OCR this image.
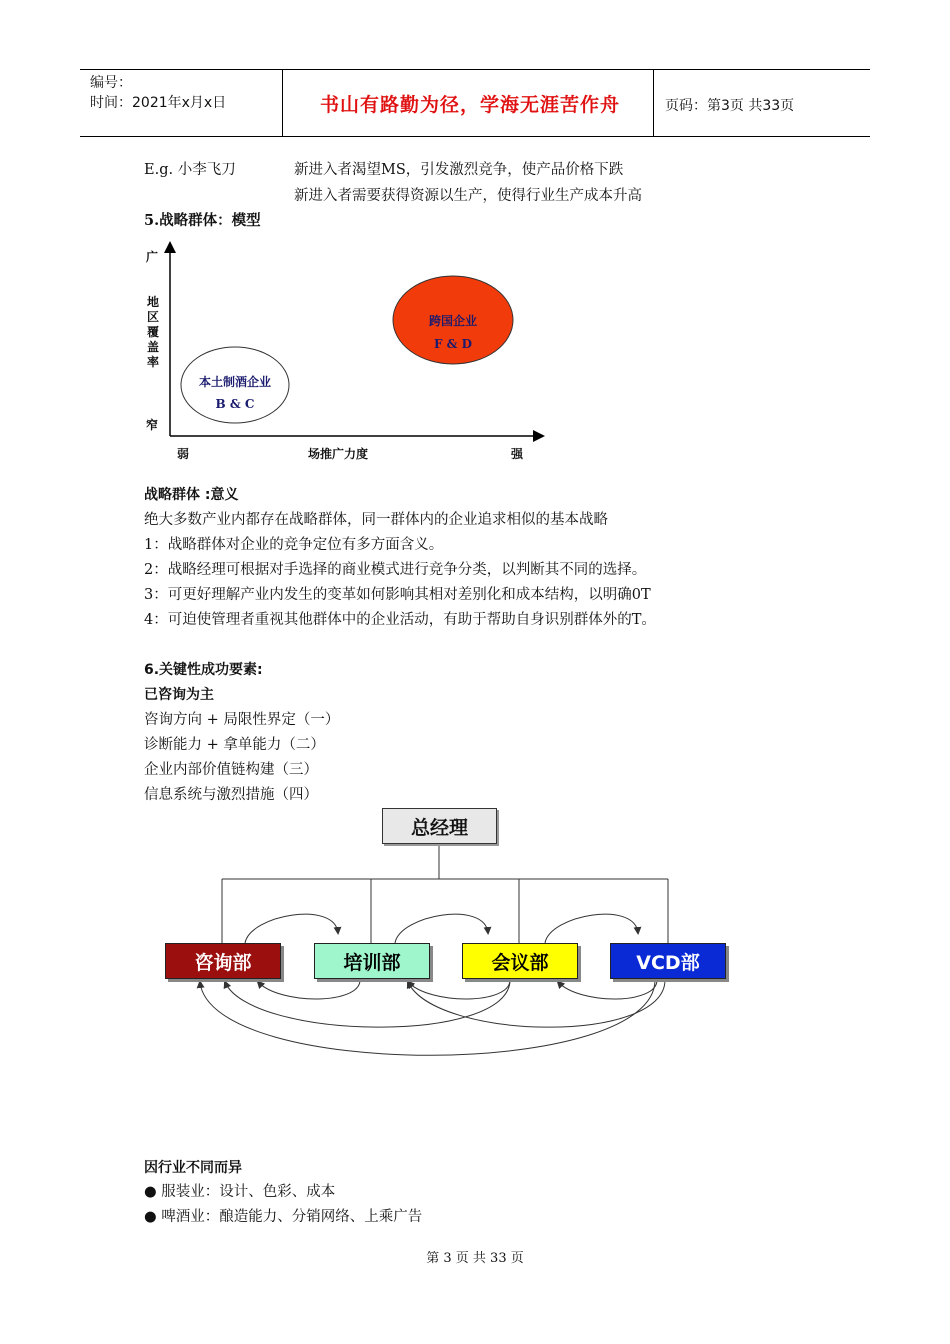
编号：
时间：2021年x月x日	书山有路勤为径，学海无涯苦作舟	页码：第3页 共33页
E.g. 小李飞刀	新进入者渴望MS，引发激烈竞争，使产品价格下跌
新进入者需要获得资源以生产，使得行业生产成本升高
5.战略群体：模型
广
地
区
覆
盖
率
窄
弱	场推广力度	强
本土制酒企业
B & C
跨国企业
F & D
战略群体 :意义
绝大多数产业内都存在战略群体，同一群体内的企业追求相似的基本战略
1：战略群体对企业的竞争定位有多方面含义。
2：战略经理可根据对手选择的商业模式进行竞争分类，以判断其不同的选择。
3：可更好理解产业内发生的变革如何影响其相对差别化和成本结构，以明确0T
4：可迫使管理者重视其他群体中的企业活动，有助于帮助自身识别群体外的T。
6.关键性成功要素:
已咨询为主
咨询方向 + 局限性界定（一）
诊断能力 + 拿单能力（二）
企业内部价值链构建（三）
信息系统与激烈措施（四）
总经理
咨询部	培训部	会议部	VCD部
因行业不同而异
● 服装业：设计、色彩、成本
● 啤酒业：酿造能力、分销网络、上乘广告
第 3 页 共 33 页
